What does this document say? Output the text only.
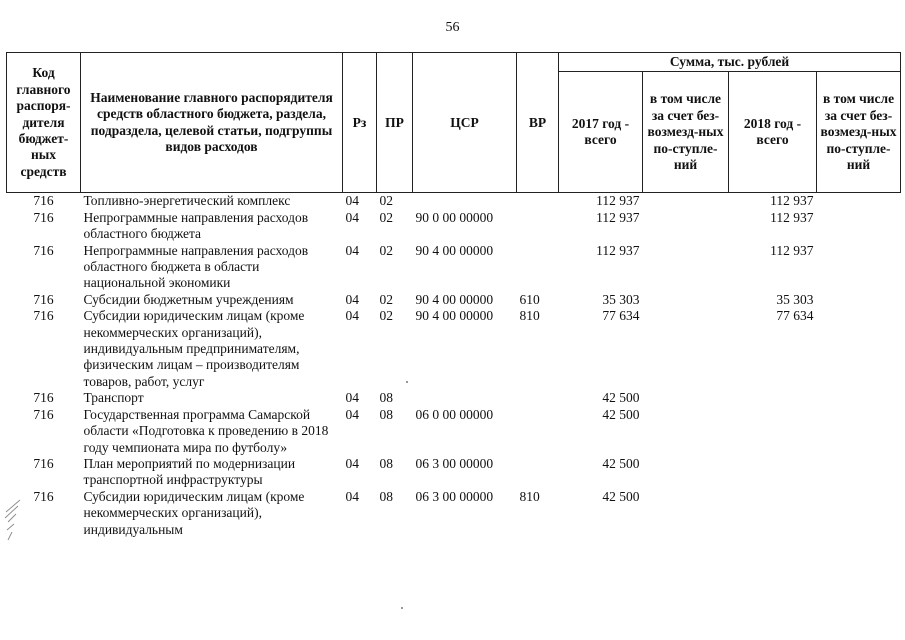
56
Код главного распоря-дителя бюджет-ных средств	Наименование главного распорядителя средств областного бюджета, раздела, подраздела, целевой статьи, подгруппы видов расходов	Рз	ПР	ЦСР	ВР	Сумма, тыс. рублей			
						2017 год - всего	в том числе за счет без-возмезд-ных по-ступле-ний	2018 год - всего	в том числе за счет без-возмезд-ных по-ступле-ний
716	Топливно-энергетический комплекс	04	02			112 937		112 937	
716	Непрограммные направления расходов областного бюджета	04	02	90 0 00 00000		112 937		112 937	
716	Непрограммные направления расходов областного бюджета в области национальной экономики	04	02	90 4 00 00000		112 937		112 937	
716	Субсидии бюджетным учреждениям	04	02	90 4 00 00000	610	35 303		35 303	
716	Субсидии юридическим лицам (кроме некоммерческих организаций), индивидуальным предпринимателям, физическим лицам – производителям товаров, работ, услуг	04	02	90 4 00 00000	810	77 634		77 634	
716	Транспорт	04	08			42 500			
716	Государственная программа Самарской области «Подготовка к проведению в 2018 году чемпионата мира по футболу»	04	08	06 0 00 00000		42 500			
716	План мероприятий по модернизации транспортной инфраструктуры	04	08	06 3 00 00000		42 500			
716	Субсидии юридическим лицам (кроме некоммерческих организаций), индивидуальным	04	08	06 3 00 00000	810	42 500			
